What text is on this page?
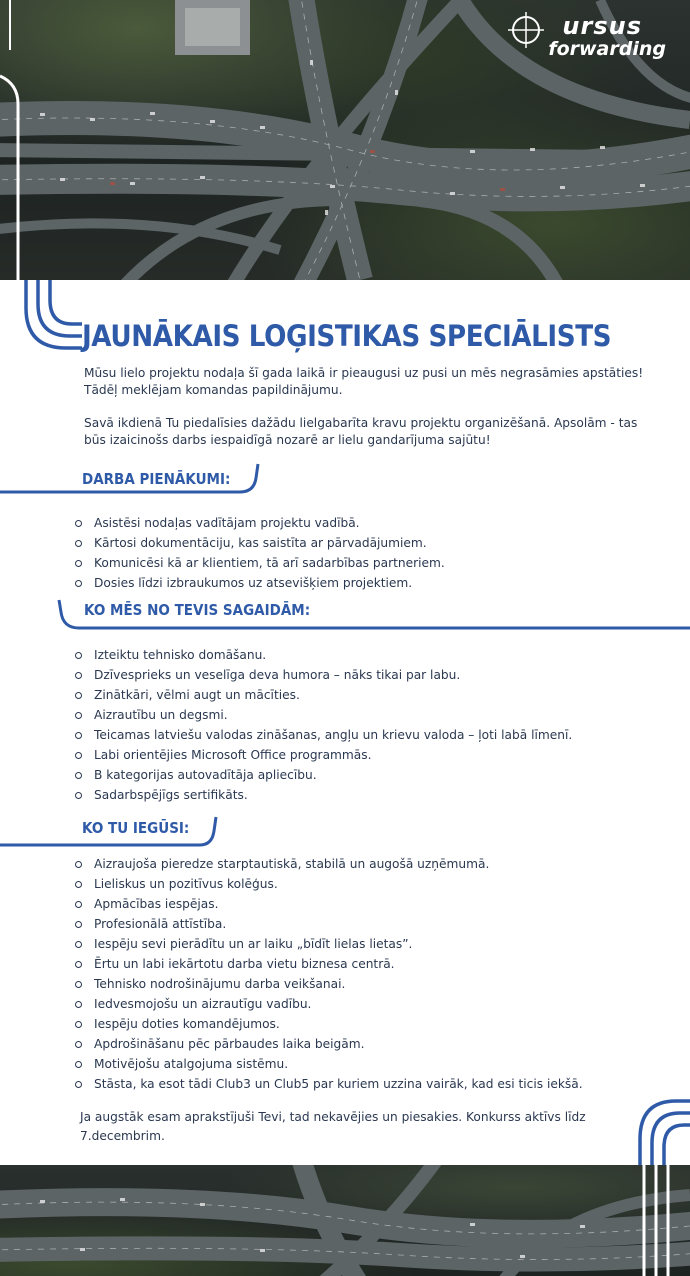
ursus
forwarding
JAUNĀKAIS LOĢISTIKAS SPECIĀLISTS
Mūsu lielo projektu nodaļa šī gada laikā ir pieaugusi uz pusi un mēs negrasāmies apstāties! Tādēļ meklējam komandas papildinājumu.
Savā ikdienā Tu piedalīsies dažādu lielgabarīta kravu projektu organizēšanā. Apsolām - tas būs izaicinošs darbs iespaidīgā nozarē ar lielu gandarījuma sajūtu!
DARBA PIENĀKUMI:
Asistēsi nodaļas vadītājam projektu vadībā.
Kārtosi dokumentāciju, kas saistīta ar pārvadājumiem.
Komunicēsi kā ar klientiem, tā arī sadarbības partneriem.
Dosies līdzi izbraukumos uz atsevišķiem projektiem.
KO MĒS NO TEVIS SAGAIDĀM:
Izteiktu tehnisko domāšanu.
Dzīvesprieks un veselīga deva humora – nāks tikai par labu.
Zinātkāri, vēlmi augt un mācīties.
Aizrautību un degsmi.
Teicamas latviešu valodas zināšanas, angļu un krievu valoda – ļoti labā līmenī.
Labi orientējies Microsoft Office programmās.
B kategorijas autovadītāja apliecību.
Sadarbspējīgs sertifikāts.
KO TU IEGŪSI:
Aizraujoša pieredze starptautiskā, stabilā un augošā uzņēmumā.
Lieliskus un pozitīvus kolēģus.
Apmācības iespējas.
Profesionālā attīstība.
Iespēju sevi pierādītu un ar laiku „bīdīt lielas lietas”.
Ērtu un labi iekārtotu darba vietu biznesa centrā.
Tehnisko nodrošinājumu darba veikšanai.
Iedvesmojošu un aizrautīgu vadību.
Iespēju doties komandējumos.
Apdrošināšanu pēc pārbaudes laika beigām.
Motivējošu atalgojuma sistēmu.
Stāsta, ka esot tādi Club3 un Club5 par kuriem uzzina vairāk, kad esi ticis iekšā.
Ja augstāk esam aprakstījuši Tevi, tad nekavējies un piesakies. Konkurss aktīvs līdz 7.decembrim.
